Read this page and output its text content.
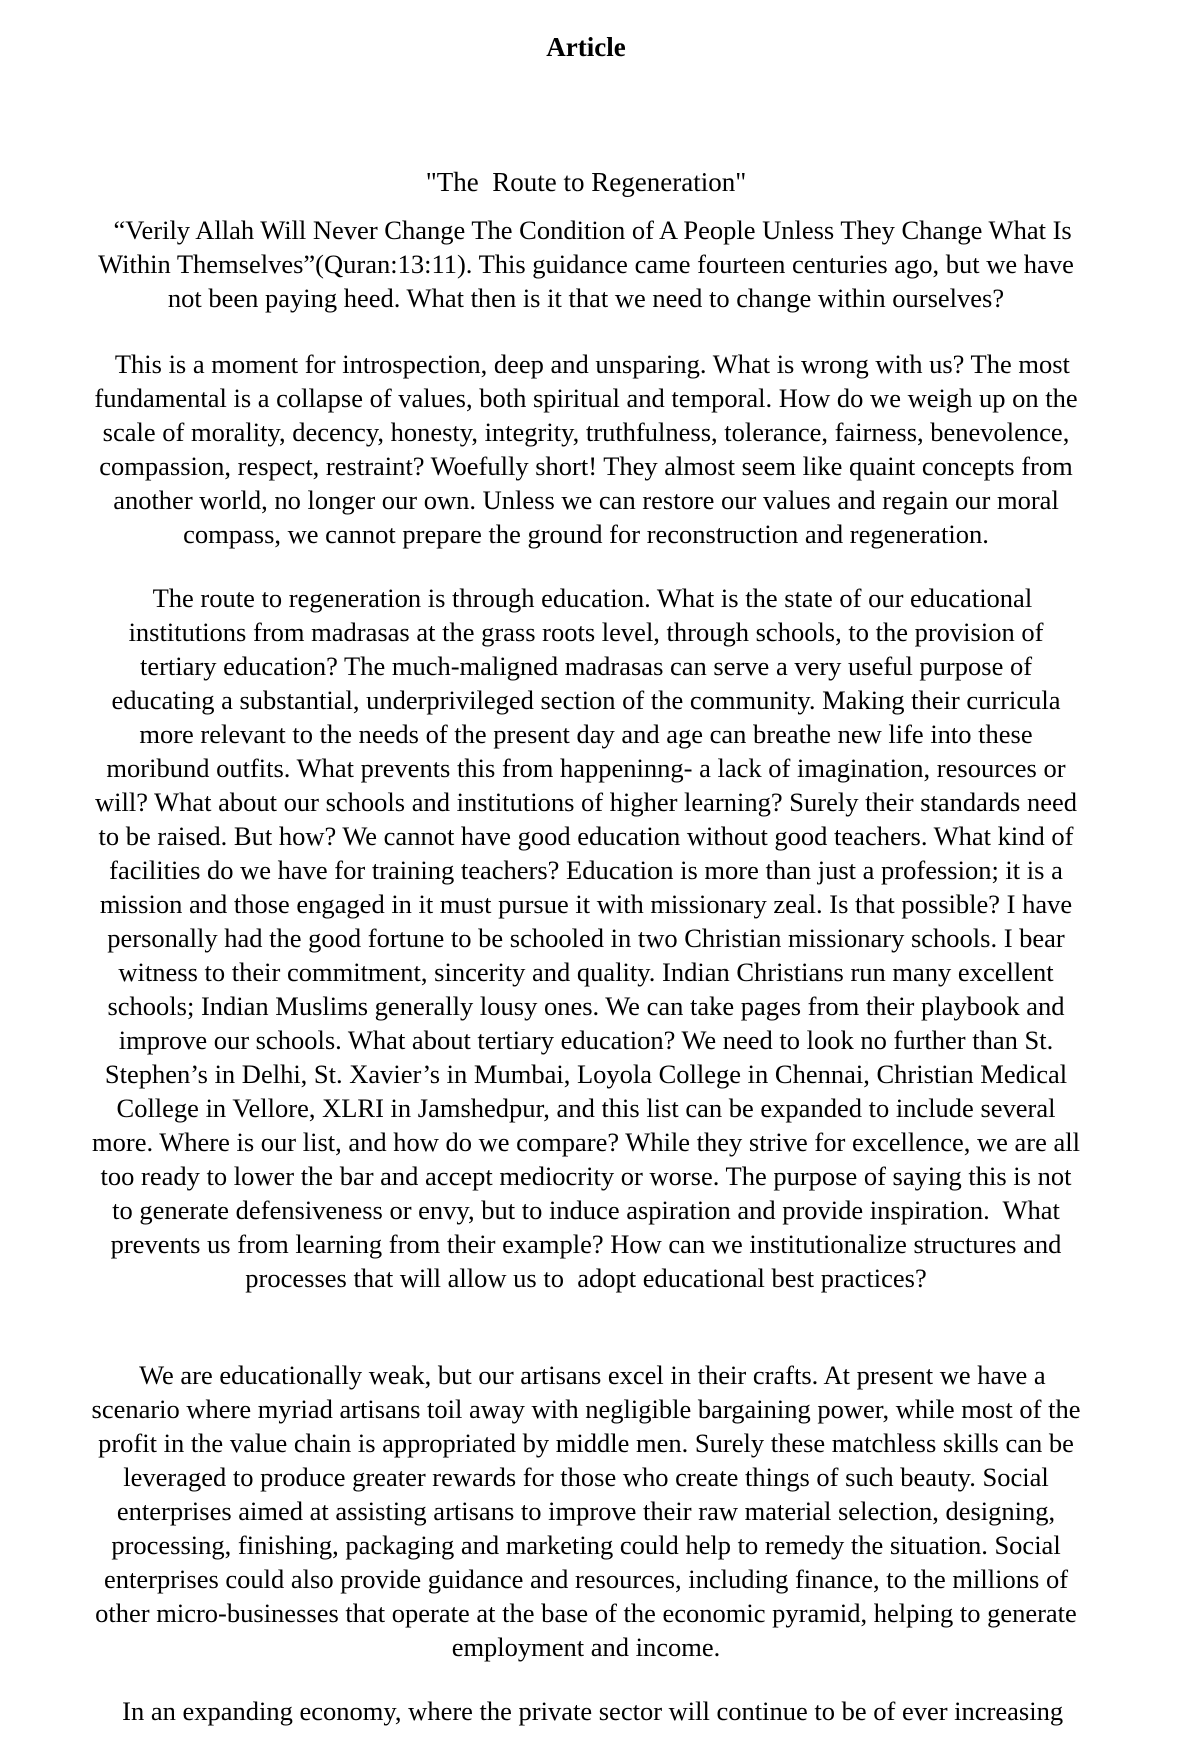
Article
"The  Route to Regeneration"
“Verily Allah Will Never Change The Condition of A People Unless They Change What Is
Within Themselves”(Quran:13:11). This guidance came fourteen centuries ago, but we have
not been paying heed. What then is it that we need to change within ourselves?
This is a moment for introspection, deep and unsparing. What is wrong with us? The most
fundamental is a collapse of values, both spiritual and temporal. How do we weigh up on the
scale of morality, decency, honesty, integrity, truthfulness, tolerance, fairness, benevolence,
compassion, respect, restraint? Woefully short! They almost seem like quaint concepts from
another world, no longer our own. Unless we can restore our values and regain our moral
compass, we cannot prepare the ground for reconstruction and regeneration.
The route to regeneration is through education. What is the state of our educational
institutions from madrasas at the grass roots level, through schools, to the provision of
tertiary education? The much-maligned madrasas can serve a very useful purpose of
educating a substantial, underprivileged section of the community. Making their curricula
more relevant to the needs of the present day and age can breathe new life into these
moribund outfits. What prevents this from happeninng- a lack of imagination, resources or
will? What about our schools and institutions of higher learning? Surely their standards need
to be raised. But how? We cannot have good education without good teachers. What kind of
facilities do we have for training teachers? Education is more than just a profession; it is a
mission and those engaged in it must pursue it with missionary zeal. Is that possible? I have
personally had the good fortune to be schooled in two Christian missionary schools. I bear
witness to their commitment, sincerity and quality. Indian Christians run many excellent
schools; Indian Muslims generally lousy ones. We can take pages from their playbook and
improve our schools. What about tertiary education? We need to look no further than St.
Stephen’s in Delhi, St. Xavier’s in Mumbai, Loyola College in Chennai, Christian Medical
College in Vellore, XLRI in Jamshedpur, and this list can be expanded to include several
more. Where is our list, and how do we compare? While they strive for excellence, we are all
too ready to lower the bar and accept mediocrity or worse. The purpose of saying this is not
to generate defensiveness or envy, but to induce aspiration and provide inspiration.  What
prevents us from learning from their example? How can we institutionalize structures and
processes that will allow us to  adopt educational best practices?
We are educationally weak, but our artisans excel in their crafts. At present we have a
scenario where myriad artisans toil away with negligible bargaining power, while most of the
profit in the value chain is appropriated by middle men. Surely these matchless skills can be
leveraged to produce greater rewards for those who create things of such beauty. Social
enterprises aimed at assisting artisans to improve their raw material selection, designing,
processing, finishing, packaging and marketing could help to remedy the situation. Social
enterprises could also provide guidance and resources, including finance, to the millions of
other micro-businesses that operate at the base of the economic pyramid, helping to generate
employment and income.
In an expanding economy, where the private sector will continue to be of ever increasing
